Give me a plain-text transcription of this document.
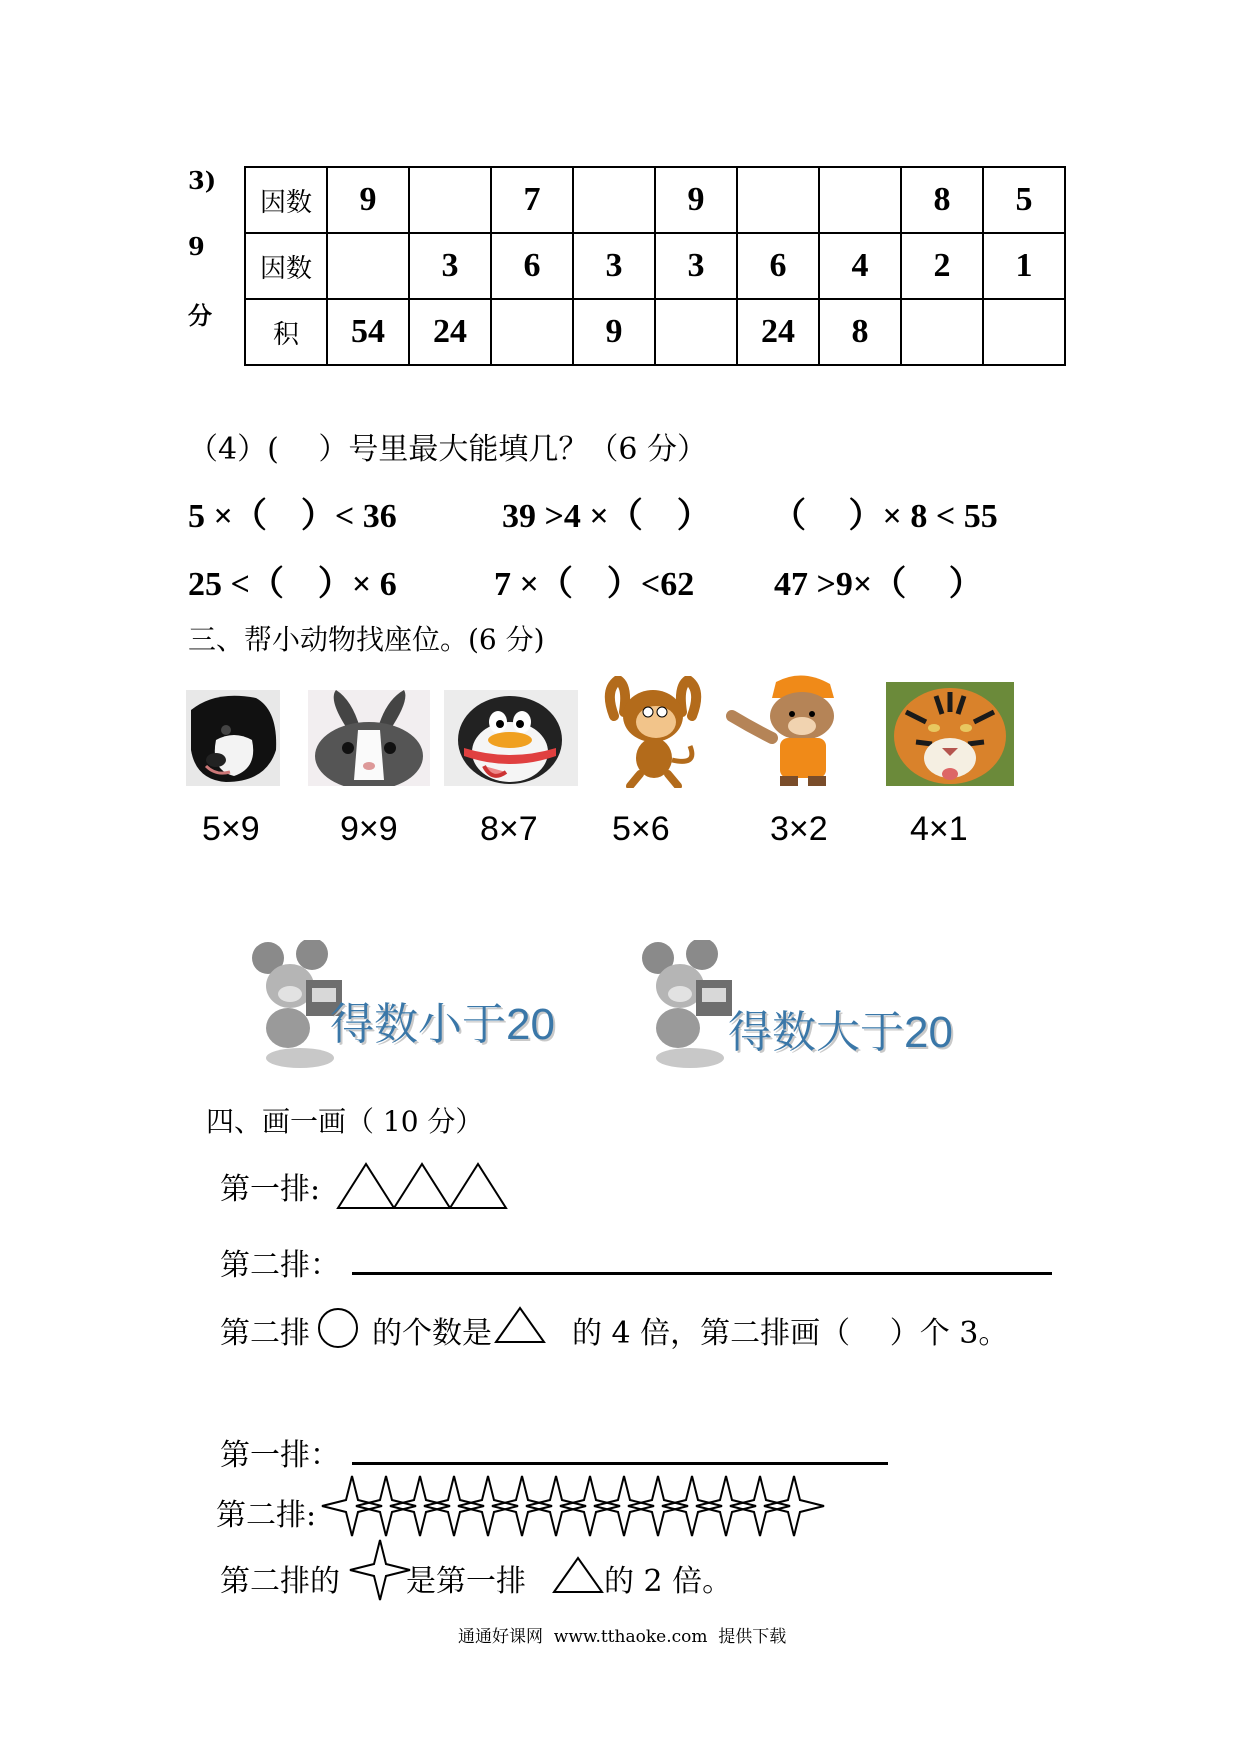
3)
9
分
因数	9		7		9			8	5
因数		3	6	3	3	6	4	2	1
积	54	24		9		24	8		
（4）(　 ）号里最大能填几？（6 分）
5 ×（　）< 36	39 >4 ×（　） （　 ）× 8 < 55
25 <（　）× 6	7 ×（　）<62 47 >9×（　 ）
三、帮小动物找座位。(6 分)
5×9 9×9 8×7 5×6	3×2 4×1
得数小于20	得数大于20
四、画一画（ 10 分）
第一排:
第二排：
第二排 的个数是	的 4 倍，第二排画（　 ）个 3。
第一排：
第二排:
第二排的 是第一排	的 2 倍。
通通好课网  www.tthaoke.com  提供下载
